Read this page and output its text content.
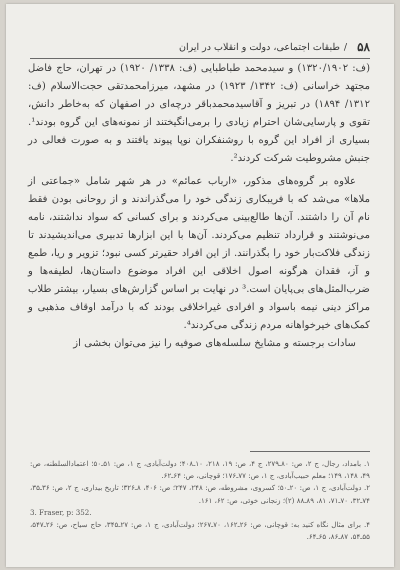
۵۸
/
طبقات اجتماعی، دولت و انقلاب در ایران

(ف: ۱۳۲۰/۱۹۰۲) و سیدمحمد طباطبایی (ف: ۱۳۳۸/ ۱۹۲۰) در تهران، حاج فاضل مجتهد خراسانی (ف: ۱۳۴۲/ ۱۹۲۳) در مشهد، میرزامحمدتقی حجت‌الاسلام (ف: ۱۳۱۲/ ۱۸۹۴) در تبریز و آقاسیدمحمدباقر درچه‌ای در اصفهان که به‌خاطر دانش، تقوی و پارسایی‌شان احترام زیادی را برمی‌انگیختند از نمونه‌های این گروه بودند¹. بسیاری از افراد این گروه با روشنفکران نوپا پیوند یافتند و به صورت فعالی در جنبش مشروطیت شرکت کردند².

علاوه بر گروه‌های مذکور، «ارباب عمائم» در هر شهر شامل «جماعتی از ملاها» می‌شد که با فریبکاری زندگی خود را می‌گذراندند و از روحانی بودن فقط نام آن را داشتند. آن‌ها طالع‌بینی می‌کردند و برای کسانی که سواد نداشتند، نامه می‌نوشتند و قرارداد تنظیم می‌کردند. آن‌ها با این ابزارها تدبیری می‌اندیشیدند تا زندگی فلاکت‌بار خود را بگذرانند. از این افراد حقیرتر کسی نبود؛ تزویر و ریا، طمع و آز، فقدان هرگونه اصول اخلاقی این افراد موضوع داستان‌ها، لطیفه‌ها و ضرب‌المثل‌های بی‌پایان است.³ در نهایت بر اساس گزارش‌های بسیار، بیشتر طلاب مراکز دینی نیمه باسواد و افرادی غیراخلاقی بودند که با درآمد اوقاف مذهبی و کمک‌های خیرخواهانه مردم زندگی می‌کردند⁴.

سادات برجسته و مشایخ سلسله‌های صوفیه را نیز می‌توان بخشی از

۱. بامداد، رجال، ج ۲، ص: ۸۰ـ۲۷۹، ج ۴، ص: ۱۹، ۲۱۸، ۱۰ـ۴۰۸؛ دولت‌آبادی، ج ۱، ص: ۵۱ـ۵۰؛ اعتمادالسلطنه، ص: ۴۹، ۱۴۸، ۱۴۹؛ معلم حبیب‌آبادی، ج ۱، ص: ۷۷ـ۱۷۶؛ قوچانی، ص: ۶۴ـ۶۲.

۲. دولت‌آبادی، ج ۱، ص: ۲۰ـ۵۰؛ کسروی، مشروطه، ص: ۲۴۸، ۲۴۷؛ ص: ۴۰۶، ۸ـ۳۲۶؛ تاریخ بیداری، ج ۲، ص: ۳۶ـ۳۵، ۷۴ـ۳۲، ۷۰ـ۷۱، ۸۱، ۸۹ـ۸۸ (۲)؛ زنجانی خوئی، ص: ۶۲، ۱۶۱.

3. Fraser, p: 352.

۴. برای مثال نگاه کنید به: قوچانی، ص: ۲۶ـ۱۶۲، ۷۰ـ۲۶۷؛ دولت‌آبادی، ج ۱، ص: ۲۷ـ۳۴۵، حاج سیاح، ص: ۲۶ـ۵۴۷، ۵۵ـ۵۴، ۸۷ـ۸۶، ۶۵ـ۶۴.
